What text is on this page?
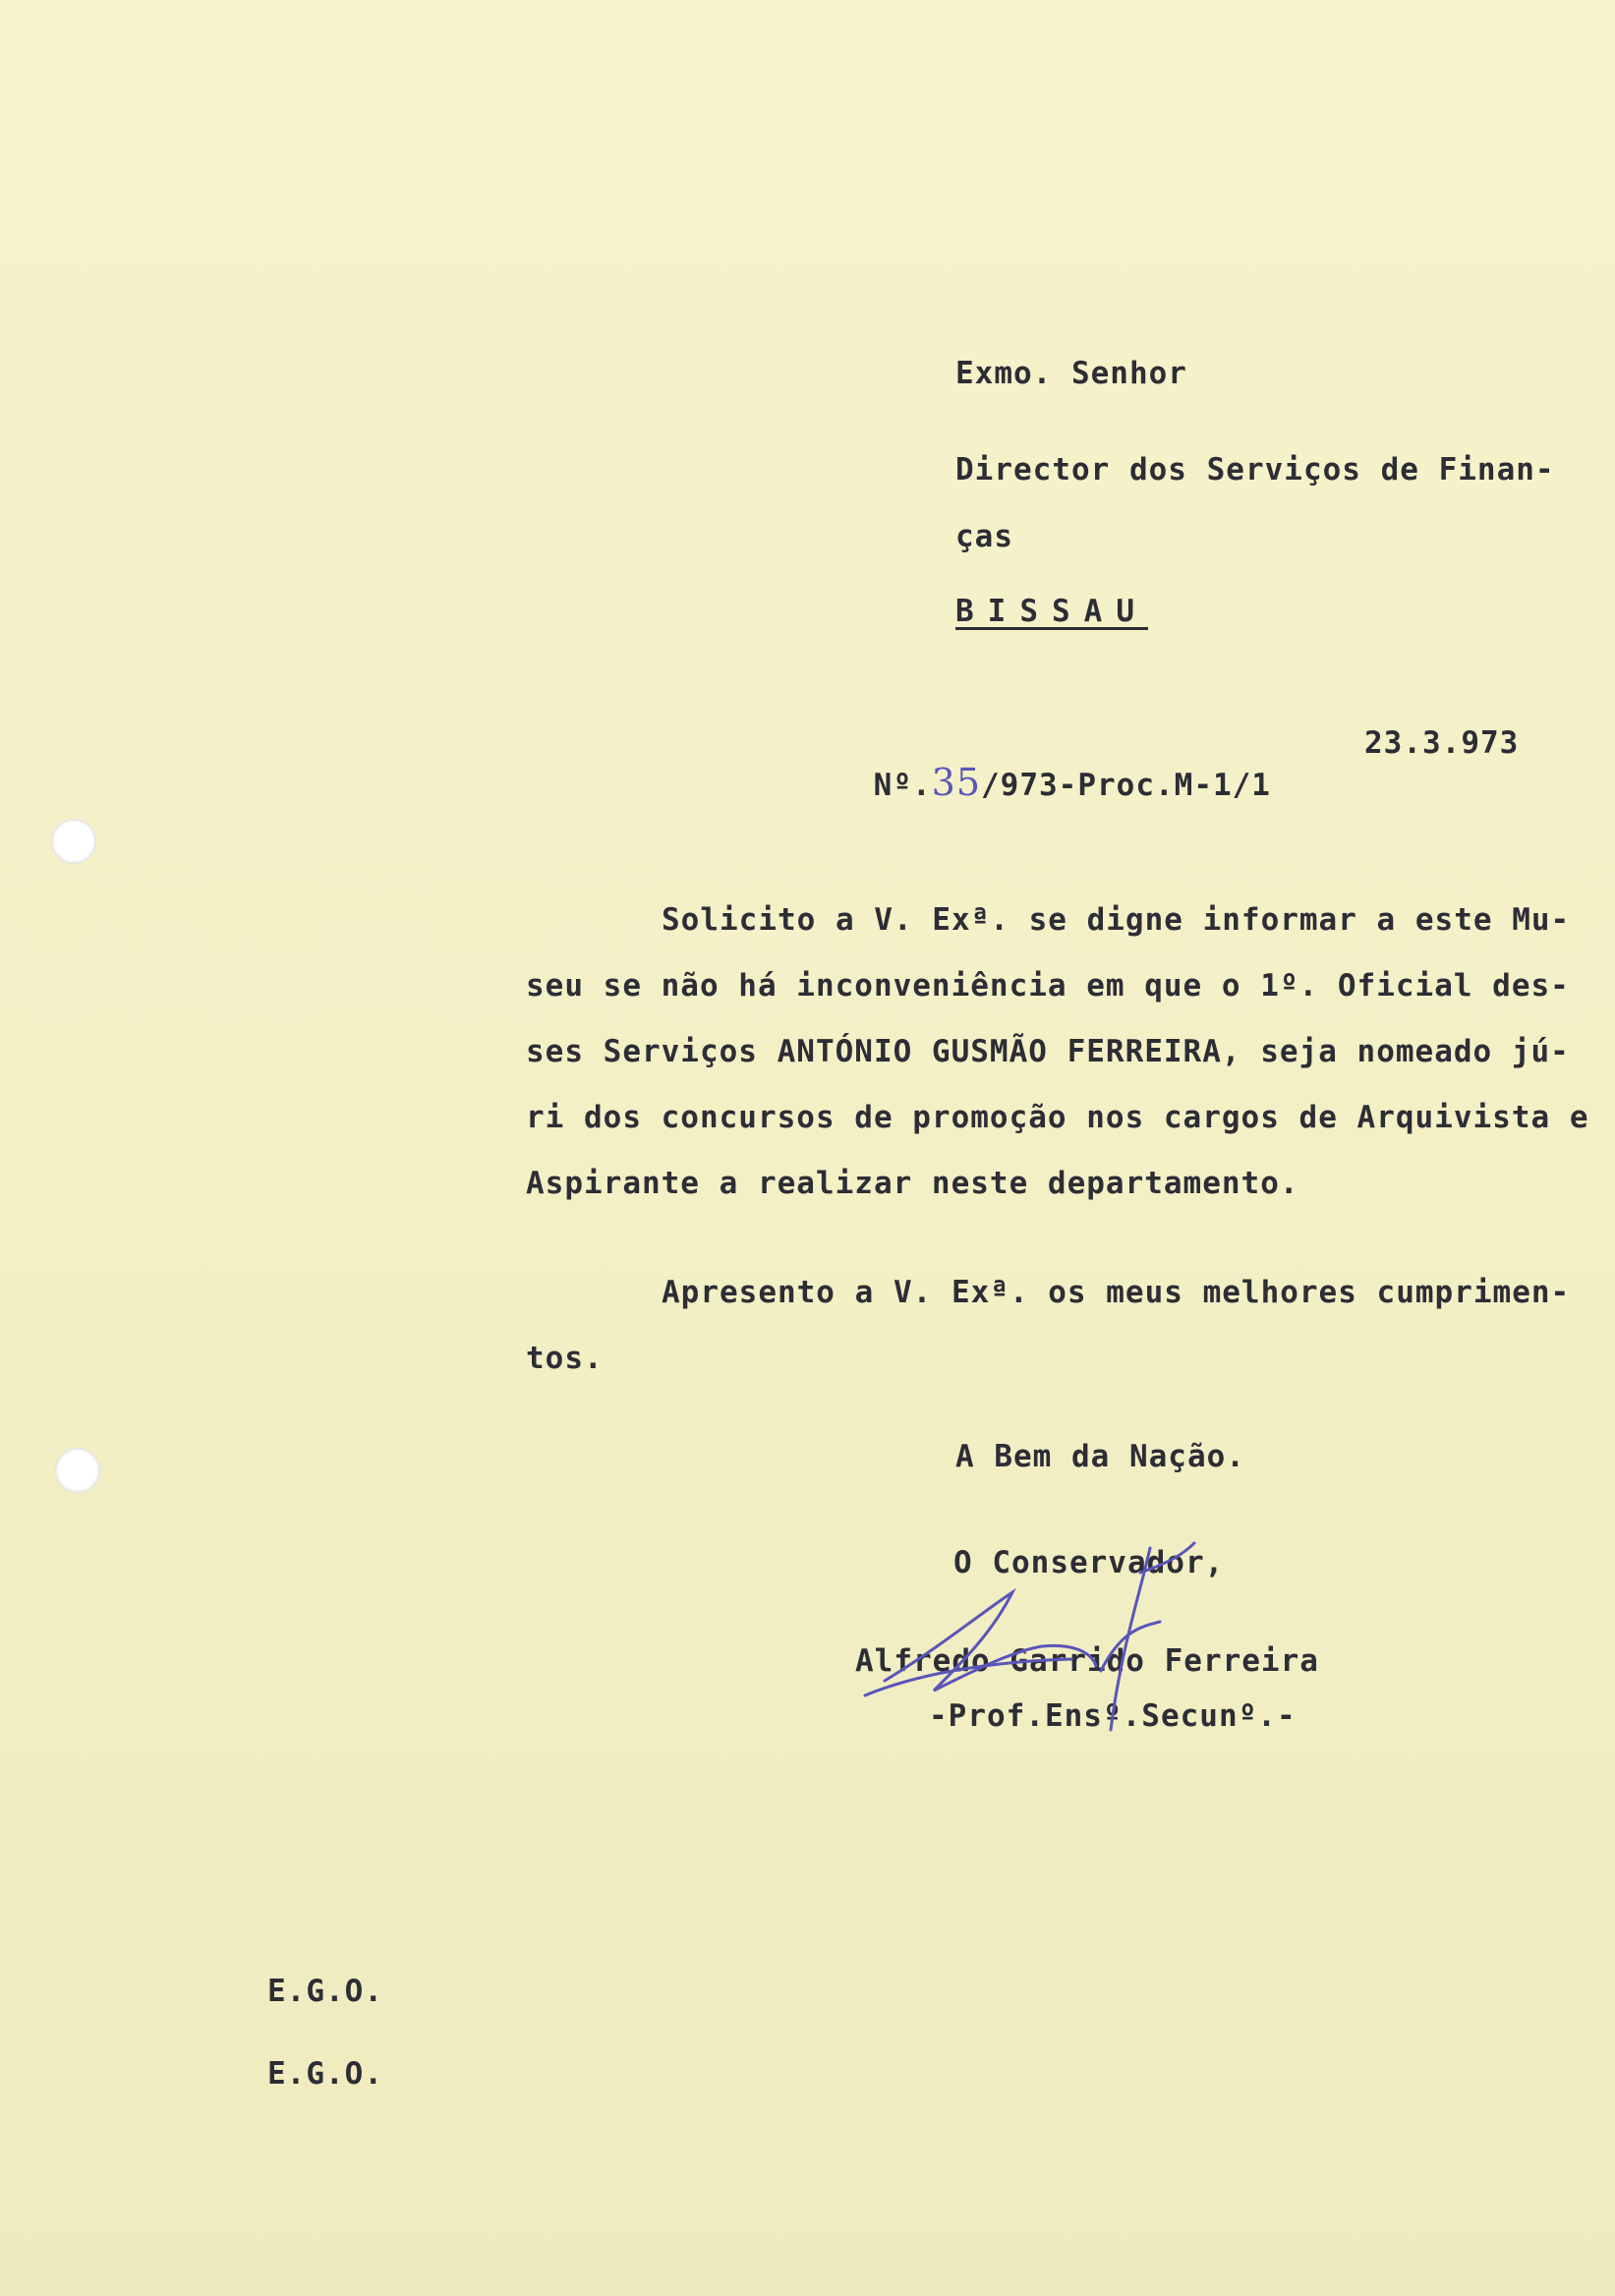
Exmo. Senhor
Director dos Serviços de Finan-
ças
BISSAU

Nº.35/973-Proc.M-1/1

23.3.973
Solicito a V. Exª. se digne informar a este Mu-
seu se não há inconveniência em que o 1º. Oficial des-
ses Serviços ANTÓNIO GUSMÃO FERREIRA, seja nomeado jú-
ri dos concursos de promoção nos cargos de Arquivista e
Aspirante a realizar neste departamento.
Apresento a V. Exª. os meus melhores cumprimen-
tos.
A Bem da Nação.
O Conservador,
Alfredo Garrido Ferreira
-Prof.Ensº.Secunº.-
E.G.O.
E.G.O.
